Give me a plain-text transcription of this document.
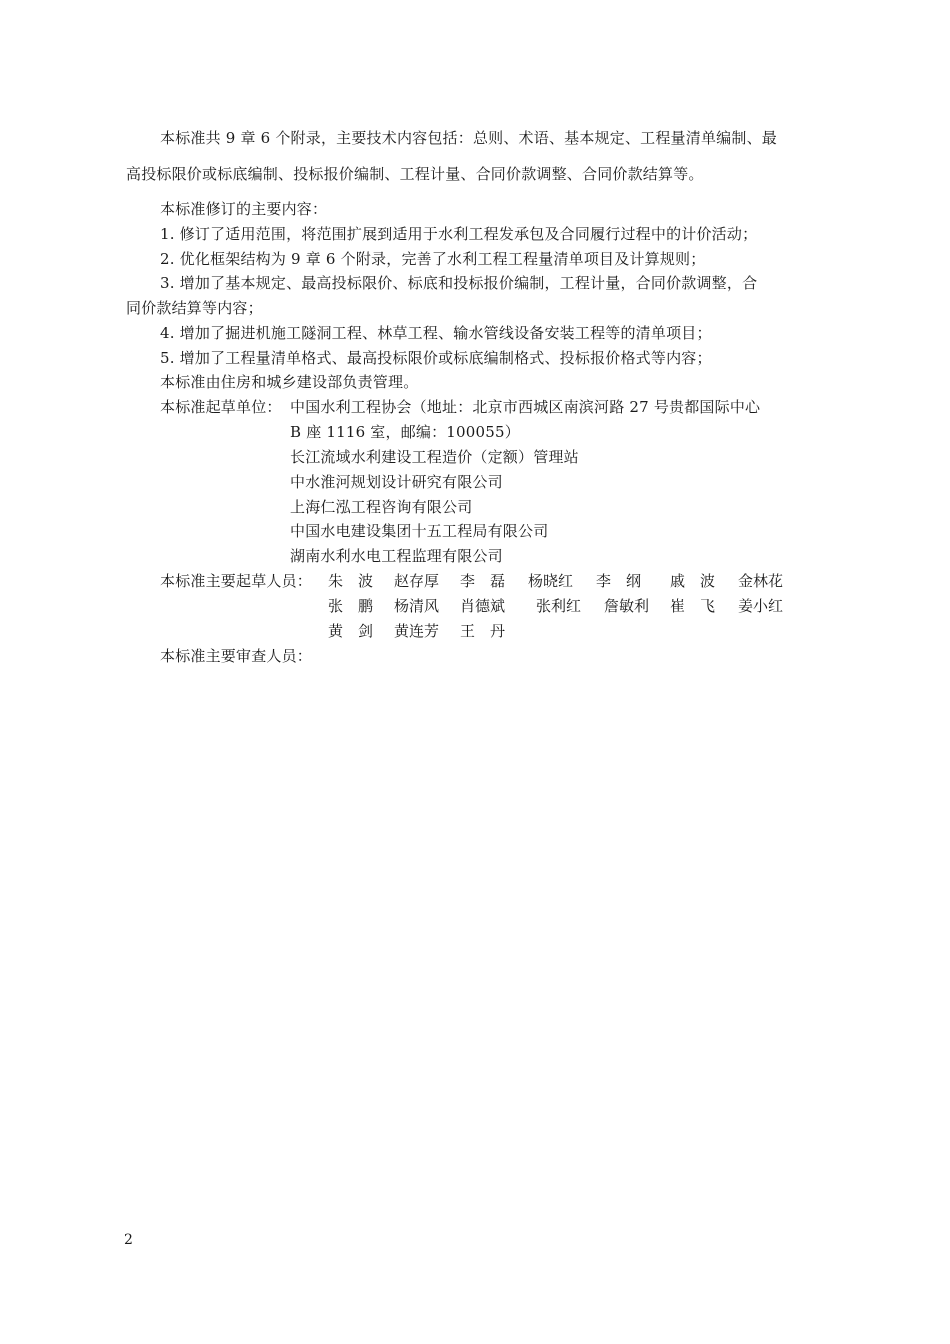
本标准共 9 章 6 个附录，主要技术内容包括：总则、术语、基本规定、工程量清单编制、最
高投标限价或标底编制、投标报价编制、工程计量、合同价款调整、合同价款结算等。
本标准修订的主要内容：
1. 修订了适用范围，将范围扩展到适用于水利工程发承包及合同履行过程中的计价活动；
2. 优化框架结构为 9 章 6 个附录，完善了水利工程工程量清单项目及计算规则；
3. 增加了基本规定、最高投标限价、标底和投标报价编制，工程计量，合同价款调整，合
同价款结算等内容；
4. 增加了掘进机施工隧洞工程、林草工程、输水管线设备安装工程等的清单项目；
5. 增加了工程量清单格式、最高投标限价或标底编制格式、投标报价格式等内容；
本标准由住房和城乡建设部负责管理。
本标准起草单位： 中国水利工程协会（地址：北京市西城区南滨河路 27 号贵都国际中心
B 座 1116 室，邮编：100055）
长江流域水利建设工程造价（定额）管理站
中水淮河规划设计研究有限公司
上海仁泓工程咨询有限公司
中国水电建设集团十五工程局有限公司
湖南水利水电工程监理有限公司
本标准主要起草人员： 朱　波 赵存厚 李　磊 杨晓红 李　纲 戚　波 金林花
张　鹏 杨清风 肖德斌 张利红 詹敏利 崔　飞 姜小红
黄　剑 黄连芳 王　丹
本标准主要审查人员：
2
